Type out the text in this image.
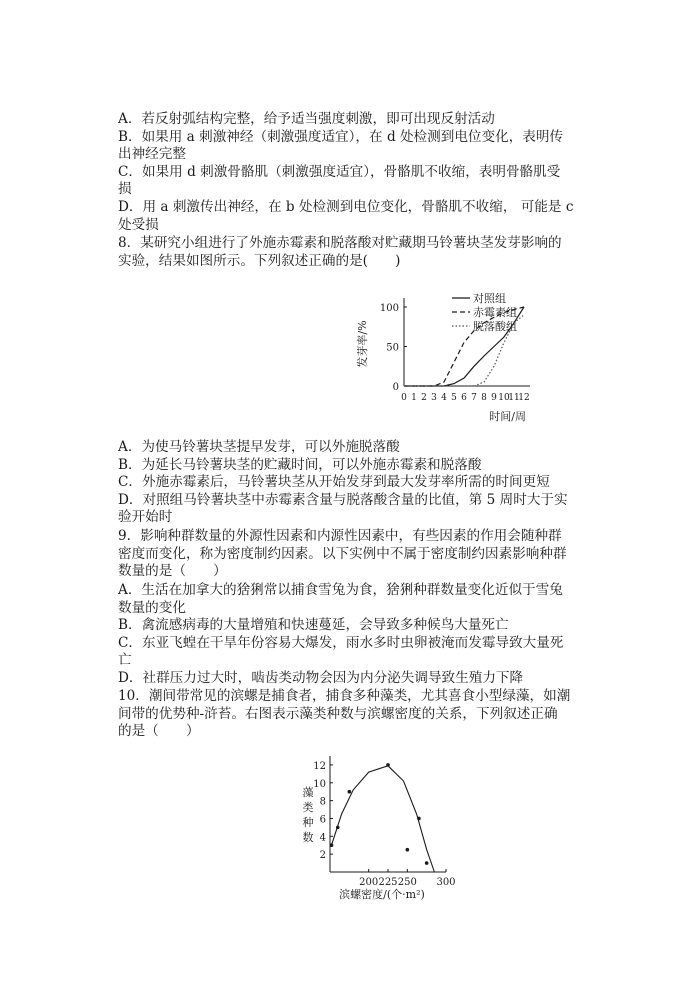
A．若反射弧结构完整，给予适当强度刺激，即可出现反射活动
B．如果用 a 刺激神经（刺激强度适宜），在 d 处检测到电位变化，表明传
出神经完整
C．如果用 d 刺激骨骼肌（刺激强度适宜），骨骼肌不收缩，表明骨骼肌受
损
D．用 a 刺激传出神经，在 b 处检测到电位变化，骨骼肌不收缩， 可能是 c
处受损
8．某研究小组进行了外施赤霉素和脱落酸对贮藏期马铃薯块茎发芽影响的
实验，结果如图所示。下列叙述正确的是(　　)
0
50
100
0 1 2 3 4 5 6 7 8 9 10
11
12
发芽率/%
时间/周
对照组
赤霉素组
脱落酸组
A．为使马铃薯块茎提早发芽，可以外施脱落酸
B．为延长马铃薯块茎的贮藏时间，可以外施赤霉素和脱落酸
C．外施赤霉素后，马铃薯块茎从开始发芽到最大发芽率所需的时间更短
D．对照组马铃薯块茎中赤霉素含量与脱落酸含量的比值，第 5 周时大于实
验开始时
9．影响种群数量的外源性因素和内源性因素中，有些因素的作用会随种群
密度而变化，称为密度制约因素。以下实例中不属于密度制约因素影响种群
数量的是（　　）
A．生活在加拿大的猞猁常以捕食雪兔为食，猞猁种群数量变化近似于雪兔
数量的变化
B．禽流感病毒的大量增殖和快速蔓延，会导致多种候鸟大量死亡
C．东亚飞蝗在干旱年份容易大爆发，雨水多时虫卵被淹而发霉导致大量死
亡
D．社群压力过大时，啮齿类动物会因为内分泌失调导致生殖力下降
10．潮间带常见的滨螺是捕食者，捕食多种藻类，尤其喜食小型绿藻，如潮
间带的优势种-浒苔。右图表示藻类种数与滨螺密度的关系，下列叙述正确
的是（　　）
2
4
6
8
10
12
200 225 250 300
藻类种数
滨螺密度/(个·m²)
